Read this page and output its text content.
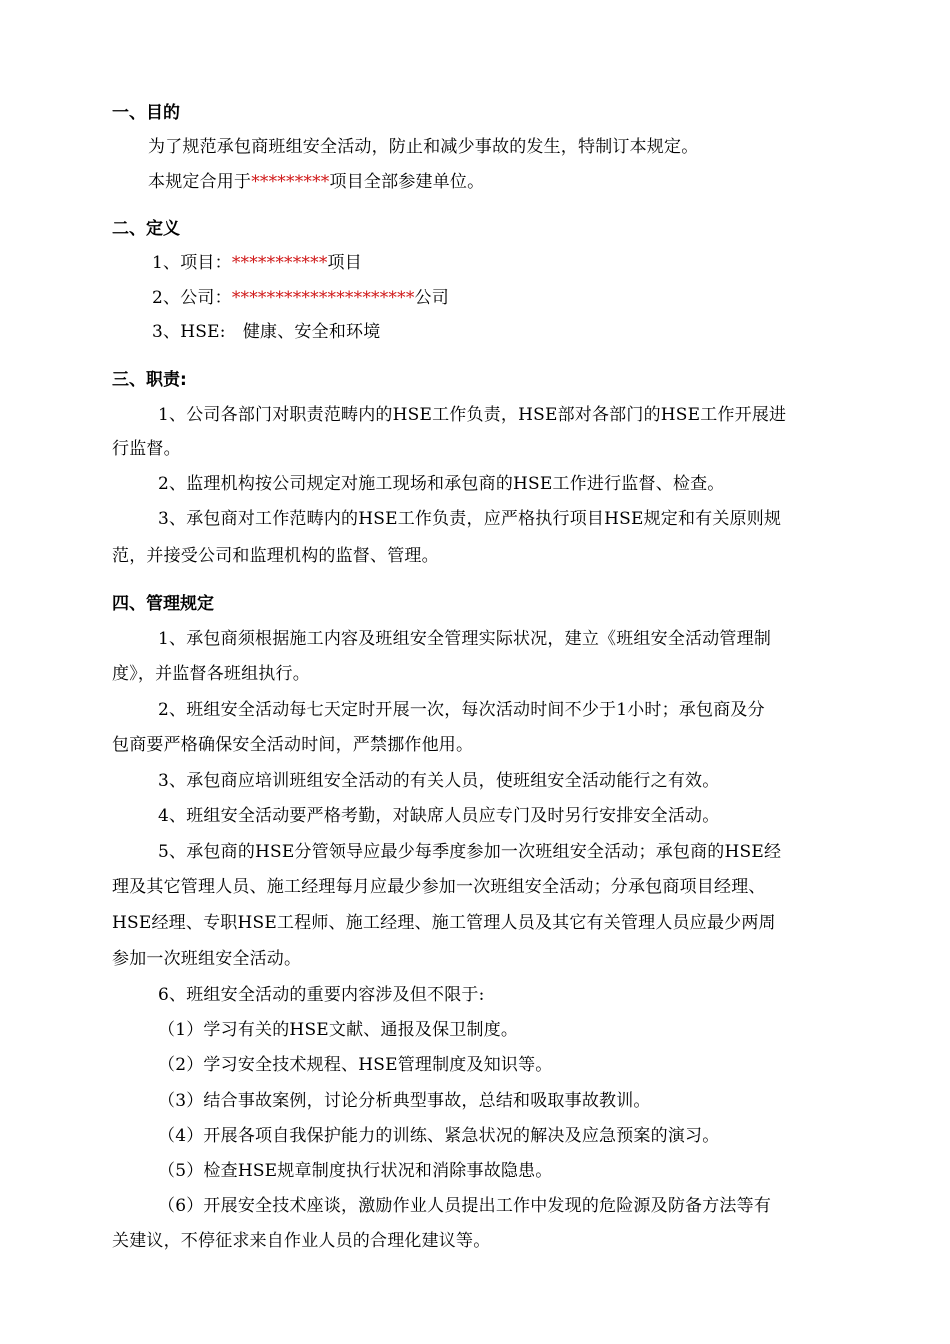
一、目的
为了规范承包商班组安全活动，防止和减少事故的发生，特制订本规定。
本规定合用于*********项目全部参建单位。
二、定义
1、项目：***********项目
2、公司：*********************公司
3、HSE:　健康、安全和环境
三、职责:
1、公司各部门对职责范畴内的HSE工作负责，HSE部对各部门的HSE工作开展进
行监督。
2、监理机构按公司规定对施工现场和承包商的HSE工作进行监督、检查。
3、承包商对工作范畴内的HSE工作负责，应严格执行项目HSE规定和有关原则规
范，并接受公司和监理机构的监督、管理。
四、管理规定
1、承包商须根据施工内容及班组安全管理实际状况，建立《班组安全活动管理制
度》，并监督各班组执行。
2、班组安全活动每七天定时开展一次，每次活动时间不少于1小时；承包商及分
包商要严格确保安全活动时间，严禁挪作他用。
3、承包商应培训班组安全活动的有关人员，使班组安全活动能行之有效。
4、班组安全活动要严格考勤，对缺席人员应专门及时另行安排安全活动。
5、承包商的HSE分管领导应最少每季度参加一次班组安全活动；承包商的HSE经
理及其它管理人员、施工经理每月应最少参加一次班组安全活动；分承包商项目经理、
HSE经理、专职HSE工程师、施工经理、施工管理人员及其它有关管理人员应最少两周
参加一次班组安全活动。
6、班组安全活动的重要内容涉及但不限于:
（1）学习有关的HSE文献、通报及保卫制度。
（2）学习安全技术规程、HSE管理制度及知识等。
（3）结合事故案例，讨论分析典型事故，总结和吸取事故教训。
（4）开展各项自我保护能力的训练、紧急状况的解决及应急预案的演习。
（5）检查HSE规章制度执行状况和消除事故隐患。
（6）开展安全技术座谈，激励作业人员提出工作中发现的危险源及防备方法等有
关建议，不停征求来自作业人员的合理化建议等。
